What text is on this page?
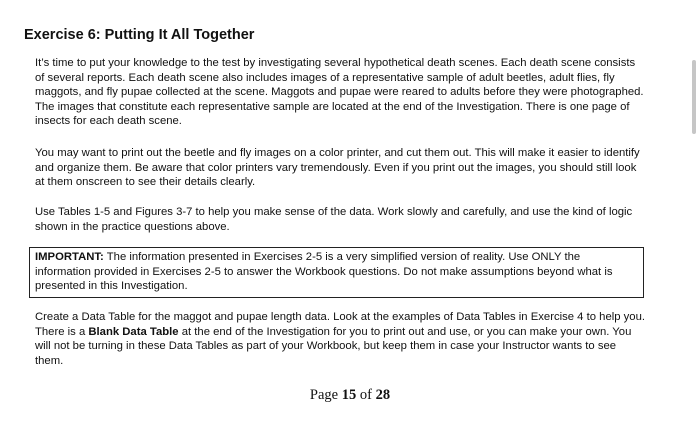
Exercise 6: Putting It All Together

It’s time to put your knowledge to the test by investigating several hypothetical death scenes. Each death scene consists of several reports. Each death scene also includes images of a representative sample of adult beetles, adult flies, fly maggots, and fly pupae collected at the scene. Maggots and pupae were reared to adults before they were photographed. The images that constitute each representative sample are located at the end of the Investigation. There is one page of insects for each death scene.

You may want to print out the beetle and fly images on a color printer, and cut them out. This will make it easier to identify and organize them. Be aware that color printers vary tremendously. Even if you print out the images, you should still look at them onscreen to see their details clearly.

Use Tables 1-5 and Figures 3-7 to help you make sense of the data. Work slowly and carefully, and use the kind of logic shown in the practice questions above.

IMPORTANT: The information presented in Exercises 2-5 is a very simplified version of reality. Use ONLY the information provided in Exercises 2-5 to answer the Workbook questions. Do not make assumptions beyond what is presented in this Investigation.

Create a Data Table for the maggot and pupae length data. Look at the examples of Data Tables in Exercise 4 to help you. There is a Blank Data Table at the end of the Investigation for you to print out and use, or you can make your own. You will not be turning in these Data Tables as part of your Workbook, but keep them in case your Instructor wants to see them.

Page 15 of 28
